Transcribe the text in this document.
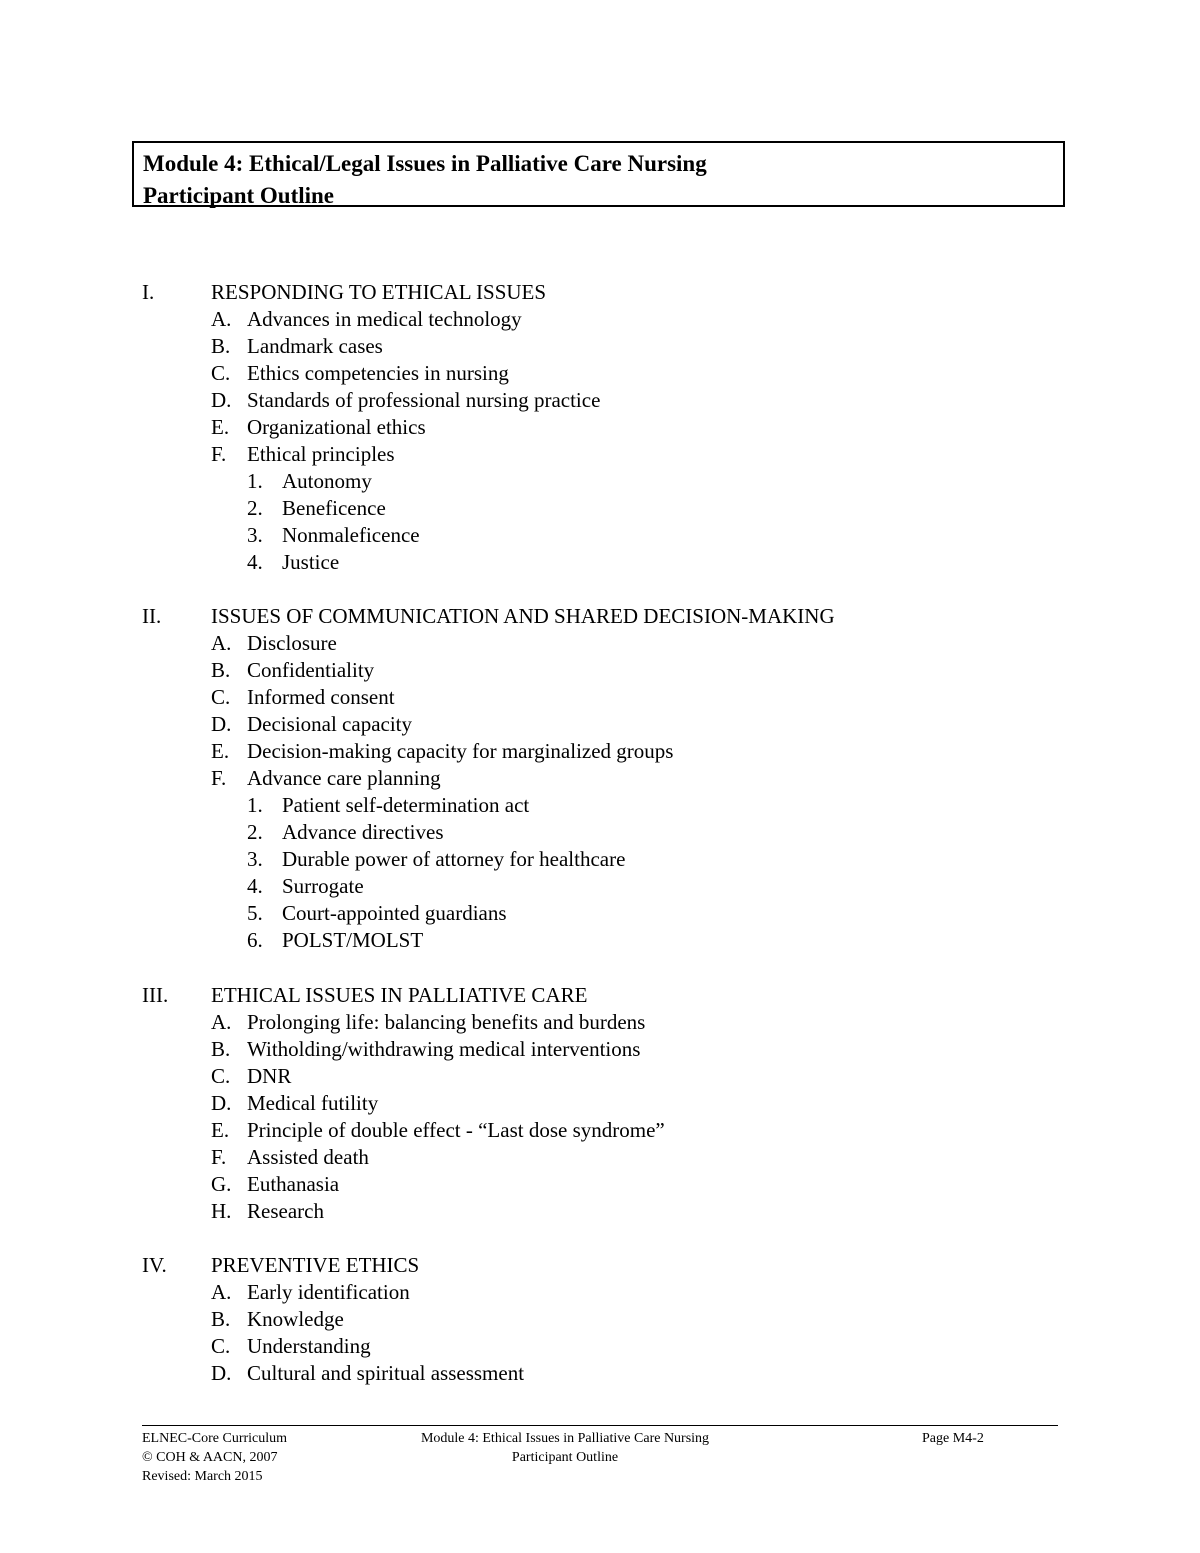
Module 4: Ethical/Legal Issues in Palliative Care Nursing
Participant Outline
I.	RESPONDING TO ETHICAL ISSUES
A. Advances in medical technology
B. Landmark cases
C. Ethics competencies in nursing
D. Standards of professional nursing practice
E. Organizational ethics
F. Ethical principles
1. Autonomy
2. Beneficence
3. Nonmaleficence
4. Justice
II. ISSUES OF COMMUNICATION AND SHARED DECISION-MAKING
A. Disclosure
B. Confidentiality
C. Informed consent
D. Decisional capacity
E. Decision-making capacity for marginalized groups
F. Advance care planning
1. Patient self-determination act
2. Advance directives
3. Durable power of attorney for healthcare
4. Surrogate
5. Court-appointed guardians
6. POLST/MOLST
III. ETHICAL ISSUES IN PALLIATIVE CARE
A. Prolonging life: balancing benefits and burdens
B. Witholding/withdrawing medical interventions
C. DNR
D. Medical futility
E. Principle of double effect - “Last dose syndrome”
F. Assisted death
G. Euthanasia
H. Research
IV. PREVENTIVE ETHICS
A. Early identification
B. Knowledge
C. Understanding
D. Cultural and spiritual assessment
ELNEC-Core Curriculum
© COH & AACN, 2007
Revised: March 2015
Module 4: Ethical Issues in Palliative Care Nursing
Participant Outline
Page M4-2
